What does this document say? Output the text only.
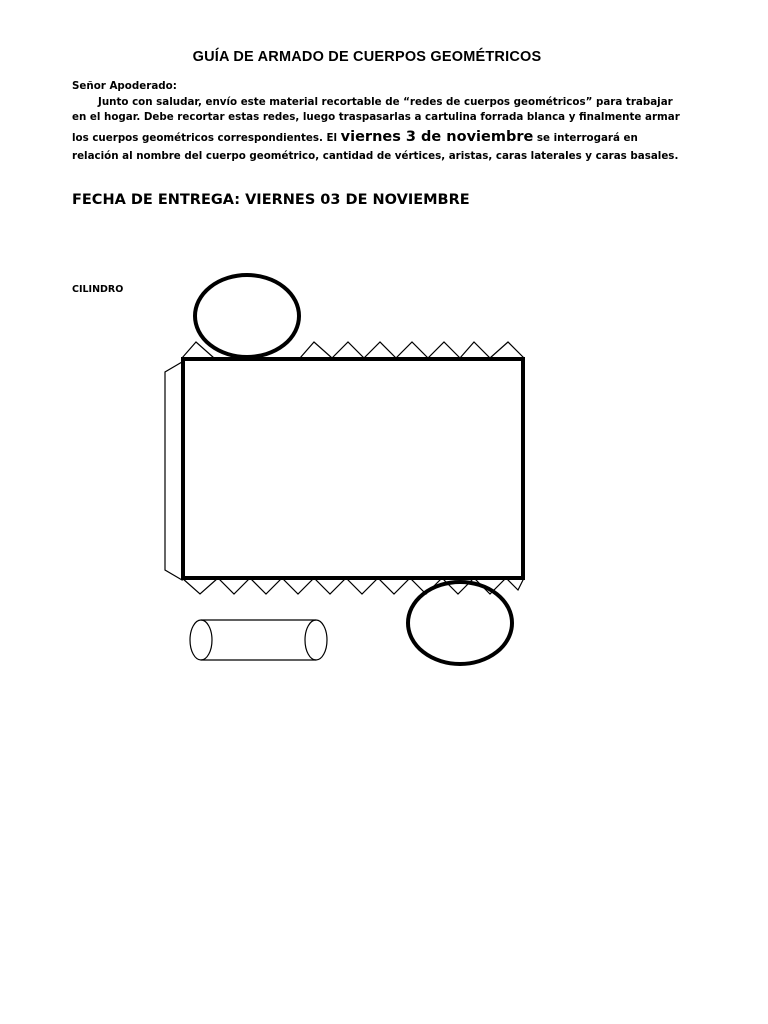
GUÍA DE ARMADO DE CUERPOS GEOMÉTRICOS
Señor Apoderado:
Junto con saludar, envío este material recortable de “redes de cuerpos geométricos” para trabajar
en el hogar. Debe recortar estas redes, luego traspasarlas a cartulina forrada blanca y finalmente armar
los cuerpos geométricos correspondientes. El viernes 3 de noviembre se interrogará en
relación al nombre del cuerpo geométrico, cantidad de vértices, aristas, caras laterales y caras basales.
FECHA DE ENTREGA: VIERNES 03 DE NOVIEMBRE
CILINDRO
